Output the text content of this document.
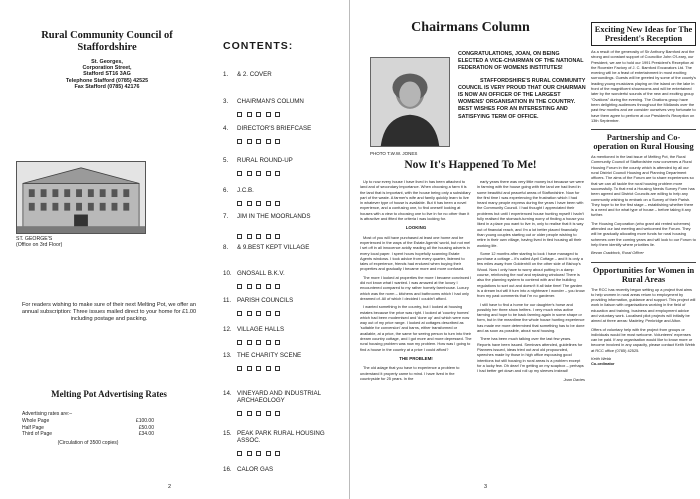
Rural Community Council of Staffordshire
St. Georges,
Corporation Street,
Stafford ST16 3AG
Telephone Stafford (0785) 42525
Fax Stafford (0785) 42176
ST. GEORGE'S
(Office on 3rd Floor)
For readers wishing to make sure of their next Melting Pot, we offer an annual subscription: Three issues mailed direct to your home for £1.00 including postage and packing.
Melting Pot Advertising Rates
Advertising rates are:–
Whole Page	£100.00
Half Page	£50.00
Third of Page	£34.00
(Circulation of 3500 copies)
2
CONTENTS:
1.	& 2. COVER
3.	CHAIRMAN'S COLUMN
4.	DIRECTOR'S BRIEFCASE
5.	RURAL ROUND-UP
6.	J.C.B.
7.	JIM IN THE MOORLANDS
8.	& 9.BEST KEPT VILLAGE
10. GNOSALL B.K.V.
11. PARISH COUNCILS
12. VILLAGE HALLS
13. THE CHARITY SCENE
14. VINEYARD AND INDUSTRIAL ARCHAEOLOGY
15. PEAK PARK RURAL HOUSING ASSOC.
16. CALOR GAS
Chairmans Column
PHOTO T.W.W. JONES

CONGRATULATIONS, JOAN, ON BEING ELECTED A VICE-CHAIRMAN OF THE NATIONAL FEDERATION OF WOMENS INSTITUTES!

STAFFORDSHIRE'S RURAL COMMUNITY COUNCIL IS VERY PROUD THAT OUR CHAIRMAN IS NOW AN OFFICER OF THE LARGEST WOMENS' ORGANISATION IN THE COUNTRY. BEST WISHES FOR AN INTERESTING AND SATISFYING TERM OF OFFICE.

Now It's Happened To Me!

Up to now every house I have lived in has been attached to land and of secondary importance. When choosing a farm it is the land that is important, with the house being only a subsidiary part of the waste. A farmer's wife and family quickly learn to live in whatever type of house is available. But it has been a novel experience, and a confusing one, to find oneself looking at houses with a view to choosing one to live in for no other than it is attractive and fitted the criteria I was looking for.

LOOKING

Most of you will have purchased at least one home and be experienced in the ways of the Estate Agents' world, but not me! I set off in all innocence avidly reading all the housing adverts in every local paper. I spent hours hopefully scanning Estate Agents windows. I took advice from every quarter, listened to tales of experience, friends had endured when buying their properties and gradually I became more and more confused.

The more I looked at properties the more I became convinced I did not know what I wanted. I was amazed at the luxury I encountered compared to my rather homely farmhouse. Luxury which was the norm – kitchens and bathrooms which I had only dreamed of. All of which I decided I couldn't afford.

I wanted something in the country, but I looked at housing estates because the price was right. I looked at 'country homes' which had been modernised and 'done up' and which were now way out of my price range. I looked at cottages described as 'suitable for conversion' and barns, either transformed or available, at a price, the same for seeing person to turn into their dream country cottage, and I got more and more depressed. The rural housing problem was now my problem. How was I going to find a house in the country at a price I could afford?

THE PROBLEM!

The old adage that you have to experience a problem to understand it properly came to mind. I have lived in the countryside for 25 years. In the

early years there was very little money but because we were in farming with the house going with the land we had lived in some beautiful and peaceful areas of Staffordshire. Now for the first time I was experiencing the frustration which I had heard many people express during the years I have been with the Community Council. I had thought I appreciated their problems but until I experienced house hunting myself I hadn't fully realised the stomach-turning worry of finding a house you liked in a place you want to live in, only to realise that it is way out of financial reach, and I'm a lot better placed financially than young couples starting out or older people wishing to retire in their own village, having lived in tied housing all their working life.

Some 12 months after starting to look I have managed to purchase a cottage – it's called April Cottage – and it is only a few miles away from Goldenhill on the other side of Bishop's Wood. Now I only have to worry about putting in a damp course, reinforcing the roof and replacing windows! There is also the planning system to contend with and the building regulations to sort out and doesn't it all take time! The garden is a dream but will it turn into a nightmare I wonder – you know from my past comments that I'm no gardener.

I still have to find a home for our daughter's horse and possibly her three show heifers. I very much miss active farming and hope to be back farming again in some shape or form, but in the meantime the whole house hunting experience has made me more determined that something has to be done and as soon as possible, about rural housing.

There has been much talking over the last few years. Reports have been issued. Seminars attended, guidelines for Planners issued, ideas tried out and old propounded, speeches made by those in high office espousing good intentions but still housing in rural areas is a problem except for a lucky few. Oh dear! I'm getting on my soapbox – perhaps I had better get down and roll up my sleeves instead!

Joan Davies
3
Exciting New Ideas for The President's Reception

As a result of the generosity of Sir Anthony Bamford and the strong and constant support of Councillor John O'Leary, our President, we are to hold our 1991 President's Reception at the Rocester Factory of J. C. Bamford Excavators Ltd. The evening will be a feast of entertainment in most exciting surroundings. Guests will be greeted by some of the county's leading young musicians playing on the island on the lake in front of the magnificent showrooms and will be entertained later by the wonderful sounds of the new and exciting group "Ovations" during the evening. The Ovations group have been delighting audiences throughout the Midlands over the past few months and we consider ourselves very fortunate to have them agree to perform at our President's Reception on 13th September.

Partnership and Co-operation on Rural Housing

As mentioned in the last issue of Melting Pot, the Rural Community Council of Staffordshire now convenes a Rural Housing Forum in the county which is attended by all our rural District Council Housing and Planning Department officers. The aims of the Forum are to share experiences so that we can all tackle the rural housing problem more successfully. To that end a Housing Needs Survey Form has been agreed and District Councils are willing to help any community wishing to embark on a Survey of their Parish. They hope to be the first stage – establishing whether there is a need and for what type of house – before taking it any further.

The Housing Corporation (who grant aid rented schemes) attended our last meeting and welcomed the Forum. They will be gradually allocating more funds for rural housing schemes over the coming years and will look to our Forum to help them identify where priorities lie.

Bevan Craddock, Rural Officer
Opportunities for Women in Rural Areas

The RCC has recently begun setting up a project that aims to help women in rural areas return to employment by providing information, guidance and support. This project will work in liaison with organisations working in the field of education and training, business and employment advice and voluntary work. Localised pilot projects will initially be aimed at three areas: Madeley, Penkridge and Alton.

Offers of voluntary help with the project from groups or individuals would be most welcome. Volunteers' expenses can be paid. If any organisation would like to know more or become involved in any capacity, please contact Keith Webb at RCC office (0785) 42525.

Keith Webb
Co-ordinator
